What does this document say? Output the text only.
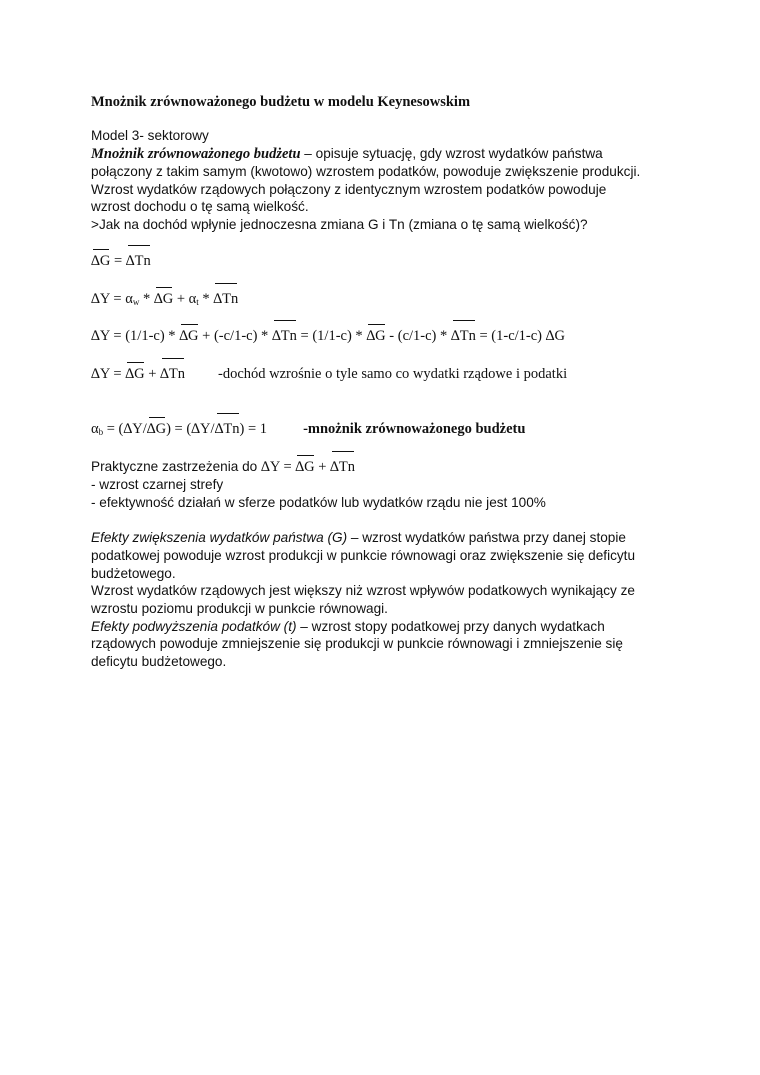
Mnożnik zrównoważonego budżetu w modelu Keynesowskim
Model 3- sektorowy
Mnożnik zrównoważonego budżetu – opisuje sytuację, gdy wzrost wydatków państwa
połączony z takim samym (kwotowo) wzrostem podatków, powoduje zwiększenie produkcji.
Wzrost wydatków rządowych połączony z identycznym wzrostem podatków powoduje
wzrost dochodu o tę samą wielkość.
>Jak na dochód wpłynie jednoczesna zmiana G i Tn (zmiana o tę samą wielkość)?
∆G = ∆Tn
$\Delta Y = \alpha_w * \Delta G + \alpha_t * \Delta Tn$
∆Y = (1/1-c) * ∆G + (-c/1-c) * ∆Tn = (1/1-c) * ∆G - (c/1-c) * ∆Tn = (1-c/1-c) ∆G
∆Y = ∆G + ∆Tn -dochód wzrośnie o tyle samo co wydatki rządowe i podatki
$\alpha_b = (\Delta Y/\Delta G) = (\Delta Y/\Delta Tn) = 1$ -mnożnik zrównoważonego budżetu
Praktyczne zastrzeżenia do ∆Y = ∆G + ∆Tn
- wzrost czarnej strefy
- efektywność działań w sferze podatków lub wydatków rządu nie jest 100%
Efekty zwiększenia wydatków państwa (G) – wzrost wydatków państwa przy danej stopie
podatkowej powoduje wzrost produkcji w punkcie równowagi oraz zwiększenie się deficytu
budżetowego.
Wzrost wydatków rządowych jest większy niż wzrost wpływów podatkowych wynikający ze
wzrostu poziomu produkcji w punkcie równowagi.
Efekty podwyższenia podatków (t) – wzrost stopy podatkowej przy danych wydatkach
rządowych powoduje zmniejszenie się produkcji w punkcie równowagi i zmniejszenie się
deficytu budżetowego.
